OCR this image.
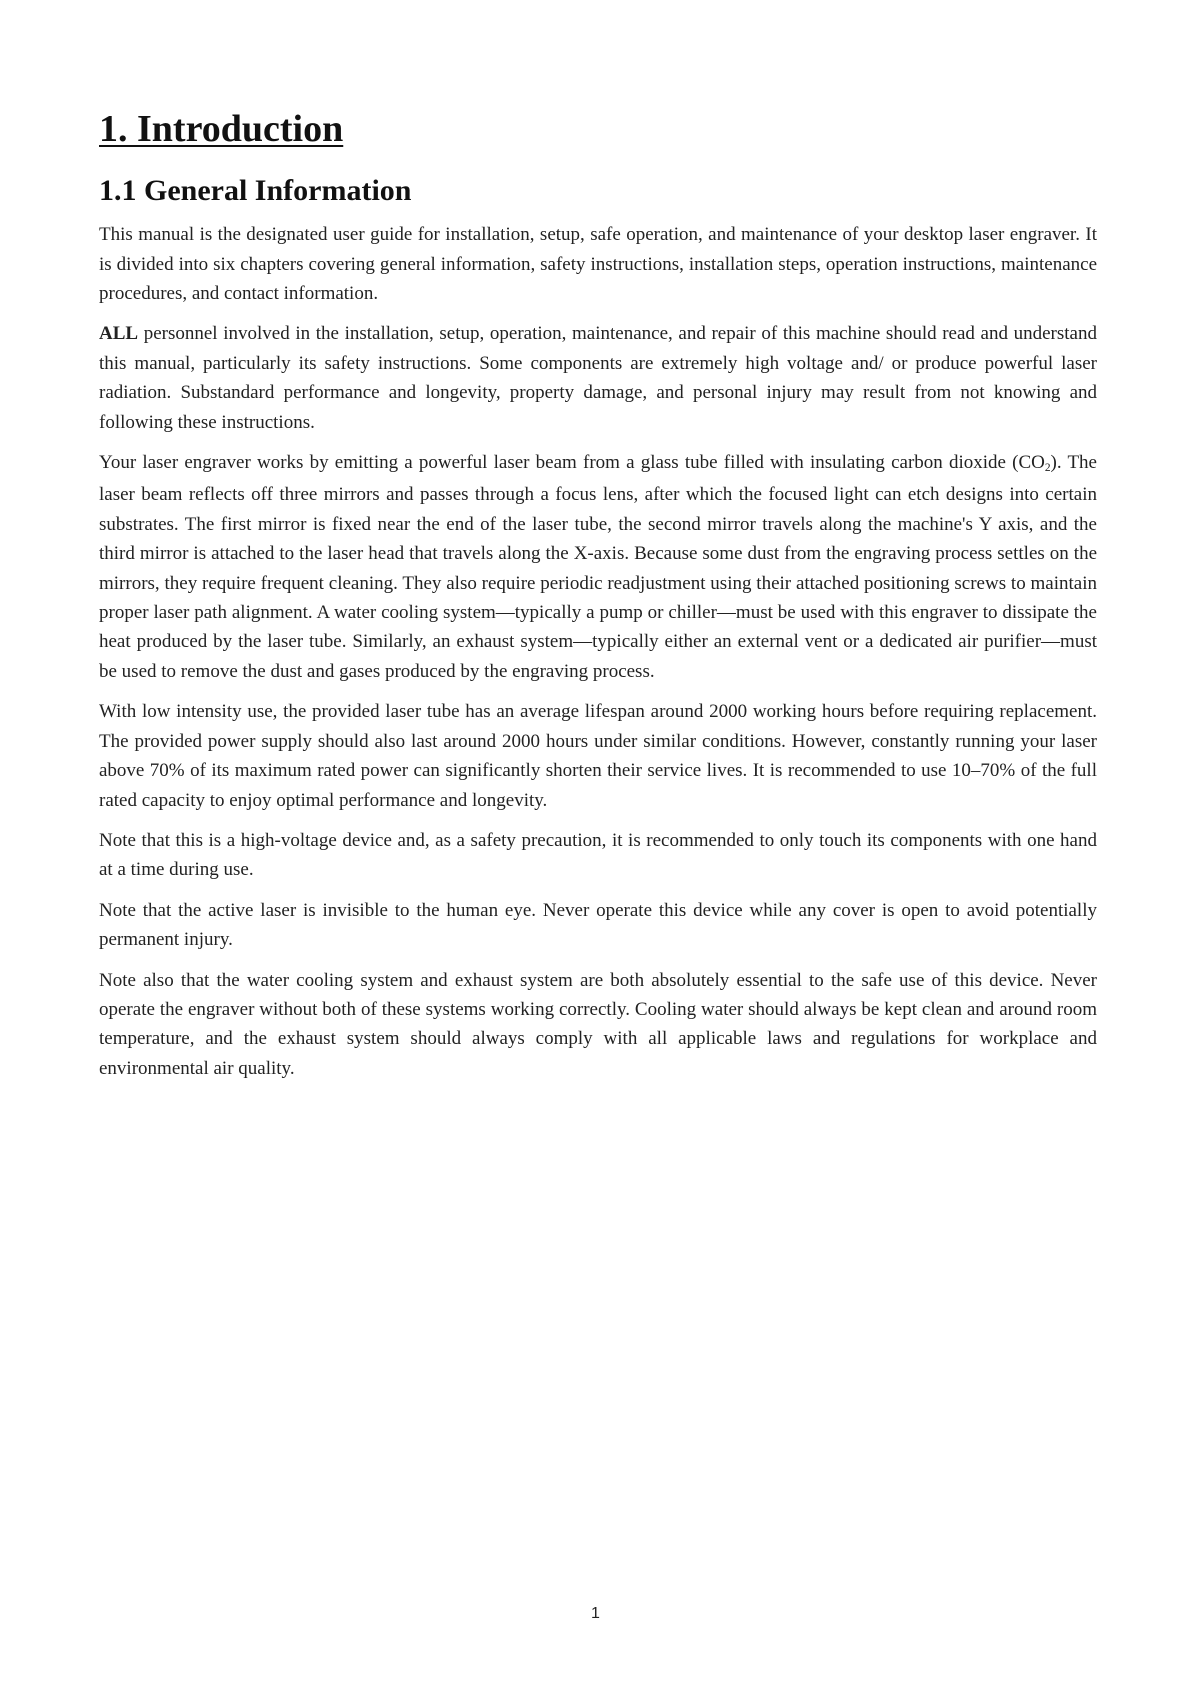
1. Introduction
1.1 General Information

This manual is the designated user guide for installation, setup, safe operation, and maintenance of your desktop laser engraver. It is divided into six chapters covering general information, safety instructions, installation steps, operation instructions, maintenance procedures, and contact information.

ALL personnel involved in the installation, setup, operation, maintenance, and repair of this machine should read and understand this manual, particularly its safety instructions. Some components are extremely high voltage and/ or produce powerful laser radiation. Substandard performance and longevity, property damage, and personal injury may result from not knowing and following these instructions.

Your laser engraver works by emitting a powerful laser beam from a glass tube filled with insulating carbon dioxide $(CO_2)$. The laser beam reflects off three mirrors and passes through a focus lens, after which the focused light can etch designs into certain substrates. The first mirror is fixed near the end of the laser tube, the second mirror travels along the machine's Y axis, and the third mirror is attached to the laser head that travels along the X-axis. Because some dust from the engraving process settles on the mirrors, they require frequent cleaning. They also require periodic readjustment using their attached positioning screws to maintain proper laser path alignment. A water cooling system—typically a pump or chiller—must be used with this engraver to dissipate the heat produced by the laser tube. Similarly, an exhaust system—typically either an external vent or a dedicated air purifier—must be used to remove the dust and gases produced by the engraving process.

With low intensity use, the provided laser tube has an average lifespan around 2000 working hours before requiring replacement. The provided power supply should also last around 2000 hours under similar conditions. However, constantly running your laser above 70% of its maximum rated power can significantly shorten their service lives. It is recommended to use 10–70% of the full rated capacity to enjoy optimal performance and longevity.

Note that this is a high-voltage device and, as a safety precaution, it is recommended to only touch its components with one hand at a time during use.

Note that the active laser is invisible to the human eye. Never operate this device while any cover is open to avoid potentially permanent injury.

Note also that the water cooling system and exhaust system are both absolutely essential to the safe use of this device. Never operate the engraver without both of these systems working correctly. Cooling water should always be kept clean and around room temperature, and the exhaust system should always comply with all applicable laws and regulations for workplace and environmental air quality.

1
